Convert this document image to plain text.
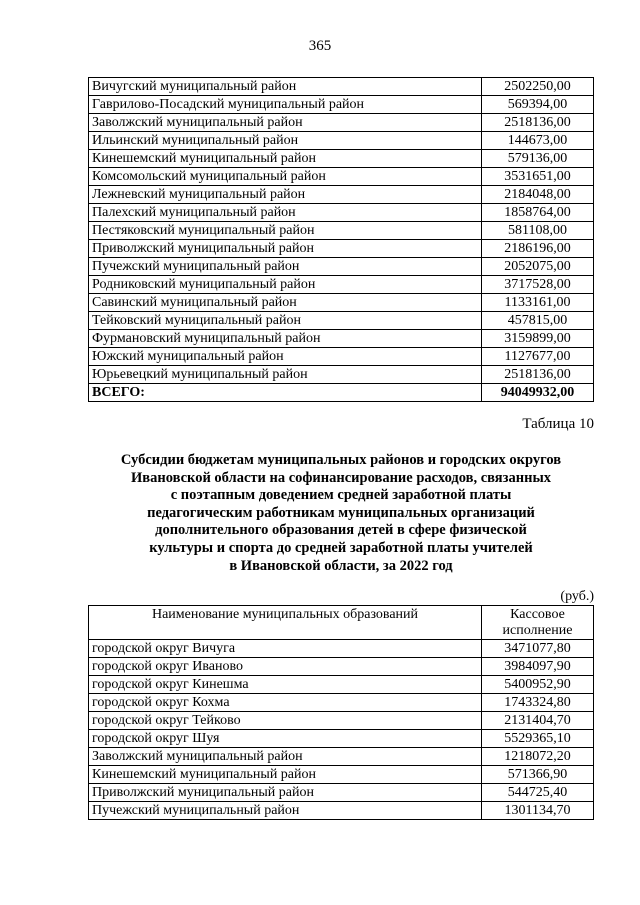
365
Вичугский муниципальный район	2502250,00
Гаврилово-Посадский муниципальный район	569394,00
Заволжский муниципальный район	2518136,00
Ильинский муниципальный район	144673,00
Кинешемский муниципальный район	579136,00
Комсомольский муниципальный район	3531651,00
Лежневский муниципальный район	2184048,00
Палехский муниципальный район	1858764,00
Пестяковский муниципальный район	581108,00
Приволжский муниципальный район	2186196,00
Пучежский муниципальный район	2052075,00
Родниковский муниципальный район	3717528,00
Савинский муниципальный район	1133161,00
Тейковский муниципальный район	457815,00
Фурмановский муниципальный район	3159899,00
Южский муниципальный район	1127677,00
Юрьевецкий муниципальный район	2518136,00
ВСЕГО:	94049932,00
Таблица 10
Субсидии бюджетам муниципальных районов и городских округов
Ивановской области на софинансирование расходов, связанных
с поэтапным доведением средней заработной платы
педагогическим работникам муниципальных организаций
дополнительного образования детей в сфере физической
культуры и спорта до средней заработной платы учителей
в Ивановской области, за 2022 год
(руб.)
Наименование муниципальных образований	Кассовое
исполнение

городской округ Вичуга	3471077,80
городской округ Иваново	3984097,90
городской округ Кинешма	5400952,90
городской округ Кохма	1743324,80
городской округ Тейково	2131404,70
городской округ Шуя	5529365,10
Заволжский муниципальный район	1218072,20
Кинешемский муниципальный район	571366,90
Приволжский муниципальный район	544725,40
Пучежский муниципальный район	1301134,70
